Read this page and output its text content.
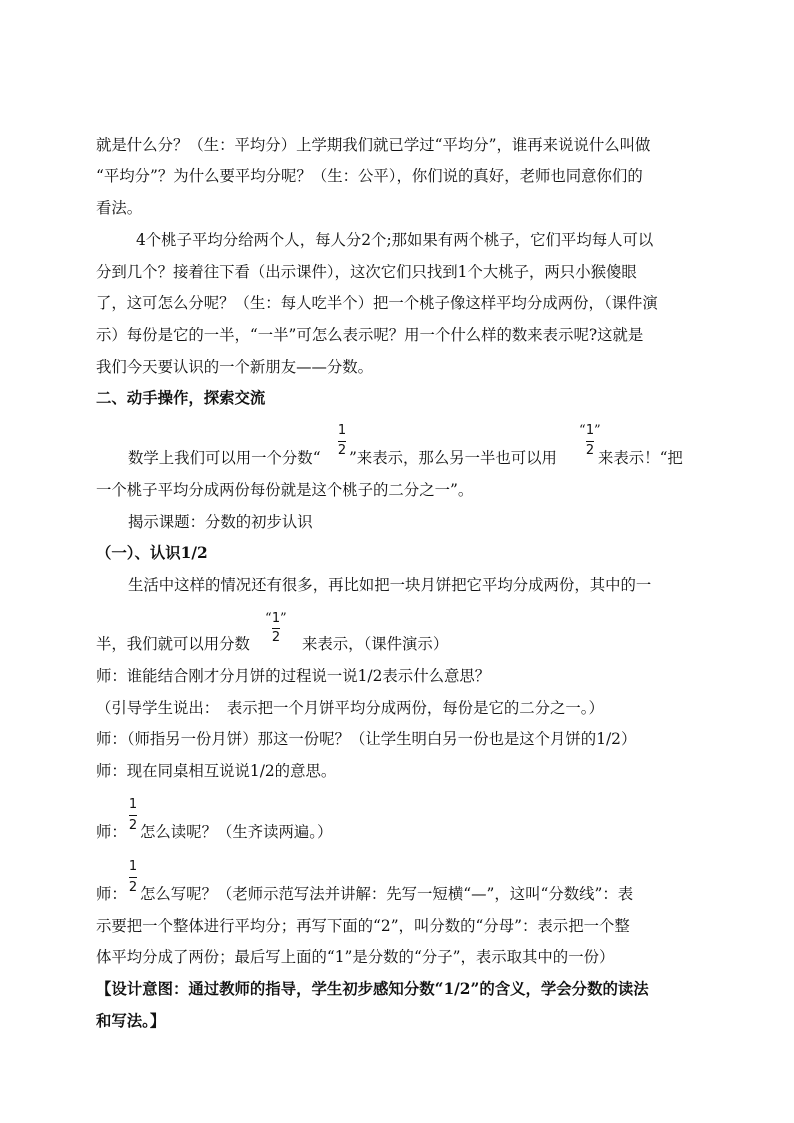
就是什么分？（生：平均分）上学期我们就已学过“平均分”，谁再来说说什么叫做
“平均分”？为什么要平均分呢？（生：公平），你们说的真好，老师也同意你们的
看法。
4个桃子平均分给两个人，每人分2个;那如果有两个桃子，它们平均每人可以
分到几个？接着往下看（出示课件），这次它们只找到1个大桃子，两只小猴傻眼
了，这可怎么分呢？（生：每人吃半个）把一个桃子像这样平均分成两份，（课件演
示）每份是它的一半，“一半”可怎么表示呢？用一个什么样的数来表示呢?这就是
我们今天要认识的一个新朋友——分数。
二、动手操作，探索交流
数学上我们可以用一个分数“
1
2 ”来表示，那么另一半也可以用
“ 1 ”
2 来表示！“把
一个桃子平均分成两份每份就是这个桃子的二分之一”。
揭示课题：分数的初步认识
（一）、认识1/2
生活中这样的情况还有很多，再比如把一块月饼把它平均分成两份，其中的一
半，我们就可以用分数
“ 1 ”
2 来表示，（课件演示）
师：谁能结合刚才分月饼的过程说一说1/2表示什么意思？
（引导学生说出：　表示把一个月饼平均分成两份，每份是它的二分之一。）
师：（师指另一份月饼）那这一份呢？（让学生明白另一份也是这个月饼的1/2）
师：现在同桌相互说说1/2的意思。
师：
1
2 怎么读呢？（生齐读两遍。）
师：
1
2 怎么写呢？（老师示范写法并讲解：先写一短横“—”，这叫“分数线”：表
示要把一个整体进行平均分；再写下面的“2”，叫分数的“分母”：表示把一个整
体平均分成了两份；最后写上面的“1”是分数的“分子”，表示取其中的一份）
【设计意图：通过教师的指导，学生初步感知分数“1/2”的含义，学会分数的读法
和写法。】
